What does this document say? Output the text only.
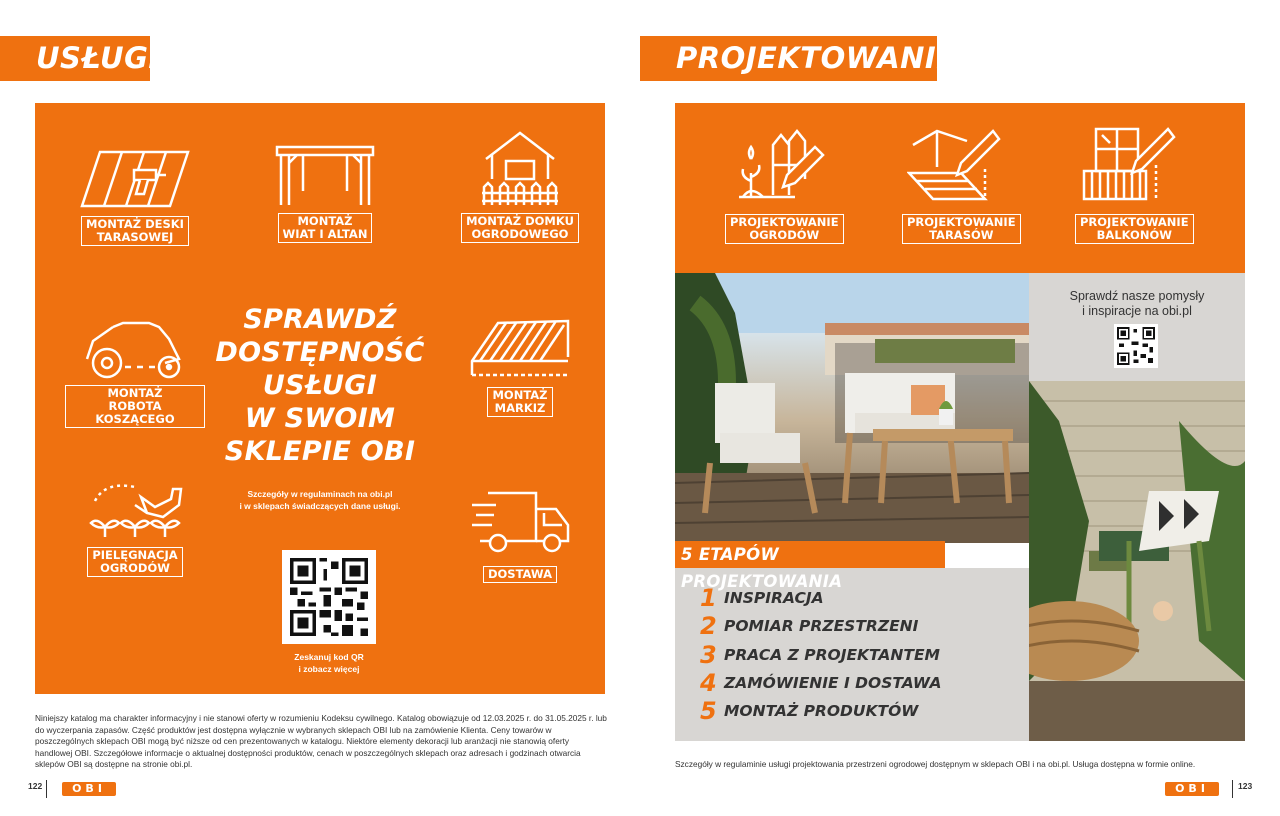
USŁUGI
MONTAŻ DESKI
TARASOWEJ
MONTAŻ
WIAT I ALTAN
MONTAŻ DOMKU
OGRODOWEGO
MONTAŻ
ROBOTA KOSZĄCEGO
MONTAŻ
MARKIZ
PIELĘGNACJA
OGRODÓW	DOSTAWA
SPRAWDŹ
DOSTĘPNOŚĆ
USŁUGI
W SWOIM
SKLEPIE OBI
Szczegóły w regulaminach na obi.pl
i w sklepach świadczących dane usługi.
Zeskanuj kod QR
i zobacz więcej
Niniejszy katalog ma charakter informacyjny i nie stanowi oferty w rozumieniu Kodeksu cywilnego. Katalog obowiązuje od 12.03.2025 r. do 31.05.2025 r. lub do wyczerpania zapasów. Część produktów jest dostępna wyłącznie w wybranych sklepach OBI lub na zamówienie Klienta. Ceny towarów w poszczególnych sklepach OBI mogą być niższe od cen prezentowanych w katalogu. Niektóre elementy dekoracji lub aranżacji nie stanowią oferty handlowej OBI. Szczegółowe informacje o aktualnej dostępności produktów, cenach w poszczególnych sklepach oraz adresach i godzinach otwarcia sklepów OBI są dostępne na stronie obi.pl.
122	OBI
PROJEKTOWANIE
PROJEKTOWANIE
OGRODÓW
PROJEKTOWANIE
TARASÓW
PROJEKTOWANIE
BALKONÓW
Sprawdź nasze pomysły
i inspiracje na obi.pl
5 ETAPÓW PROJEKTOWANIA
1 INSPIRACJA
2 POMIAR PRZESTRZENI
3 PRACA Z PROJEKTANTEM
4 ZAMÓWIENIE I DOSTAWA
5 MONTAŻ PRODUKTÓW
Szczegóły w regulaminie usługi projektowania przestrzeni ogrodowej dostępnym w sklepach OBI i na obi.pl. Usługa dostępna w formie online.
OBI	123
